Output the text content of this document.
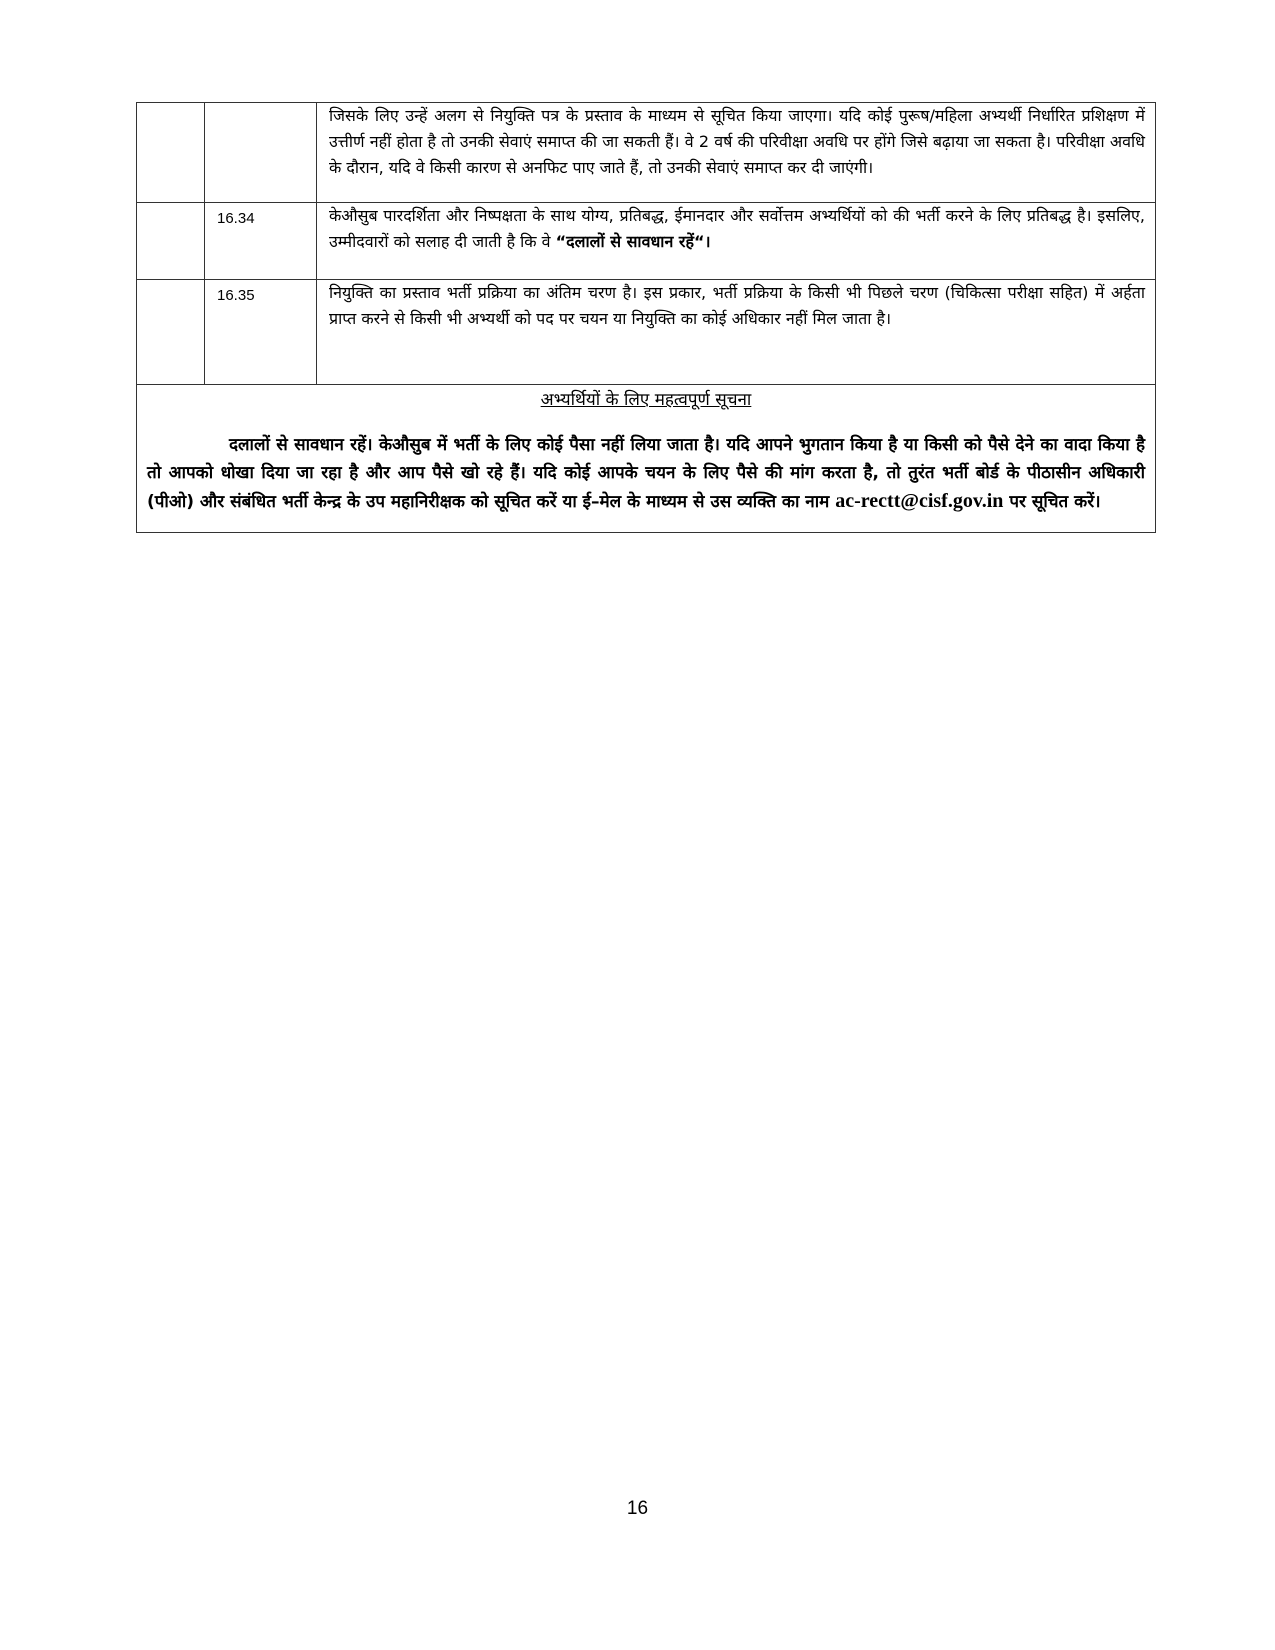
		जिसके लिए उन्हें अलग से नियुक्ति पत्र के प्रस्ताव के माध्यम से सूचित किया जाएगा। यदि कोई पुरूष/महिला अभ्यर्थी निर्धारित प्रशिक्षण में उत्तीर्ण नहीं होता है तो उनकी सेवाएं समाप्त की जा सकती हैं। वे 2 वर्ष की परिवीक्षा अवधि पर होंगे जिसे बढ़ाया जा सकता है। परिवीक्षा अवधि के दौरान, यदि वे किसी कारण से अनफिट पाए जाते हैं, तो उनकी सेवाएं समाप्त कर दी जाएंगी।
	16.34	केऔसुब पारदर्शिता और निष्पक्षता के साथ योग्य, प्रतिबद्ध, ईमानदार और सर्वोत्तम अभ्यर्थियों को की भर्ती करने के लिए प्रतिबद्ध है। इसलिए, उम्मीदवारों को सलाह दी जाती है कि वे “दलालों से सावधान रहें“।
	16.35	नियुक्ति का प्रस्ताव भर्ती प्रक्रिया का अंतिम चरण है। इस प्रकार, भर्ती प्रक्रिया के किसी भी पिछले चरण (चिकित्सा परीक्षा सहित) में अर्हता प्राप्त करने से किसी भी अभ्यर्थी को पद पर चयन या नियुक्ति का कोई अधिकार नहीं मिल जाता है।

अभ्यर्थियों के लिए महत्वपूर्ण सूचना
दलालों से सावधान रहें। केऔसुब में भर्ती के लिए कोई पैसा नहीं लिया जाता है। यदि आपने भुगतान किया है या किसी को पैसे देने का वादा किया है तो आपको धोखा दिया जा रहा है और आप पैसे खो रहे हैं। यदि कोई आपके चयन के लिए पैसे की मांग करता है, तो तुरंत भर्ती बोर्ड के पीठासीन अधिकारी (पीओ) और संबंधित भर्ती केन्द्र के उप महानिरीक्षक को सूचित करें या ई–मेल के माध्यम से उस व्यक्ति का नाम ac-rectt@cisf.gov.in पर सूचित करें।		
16
